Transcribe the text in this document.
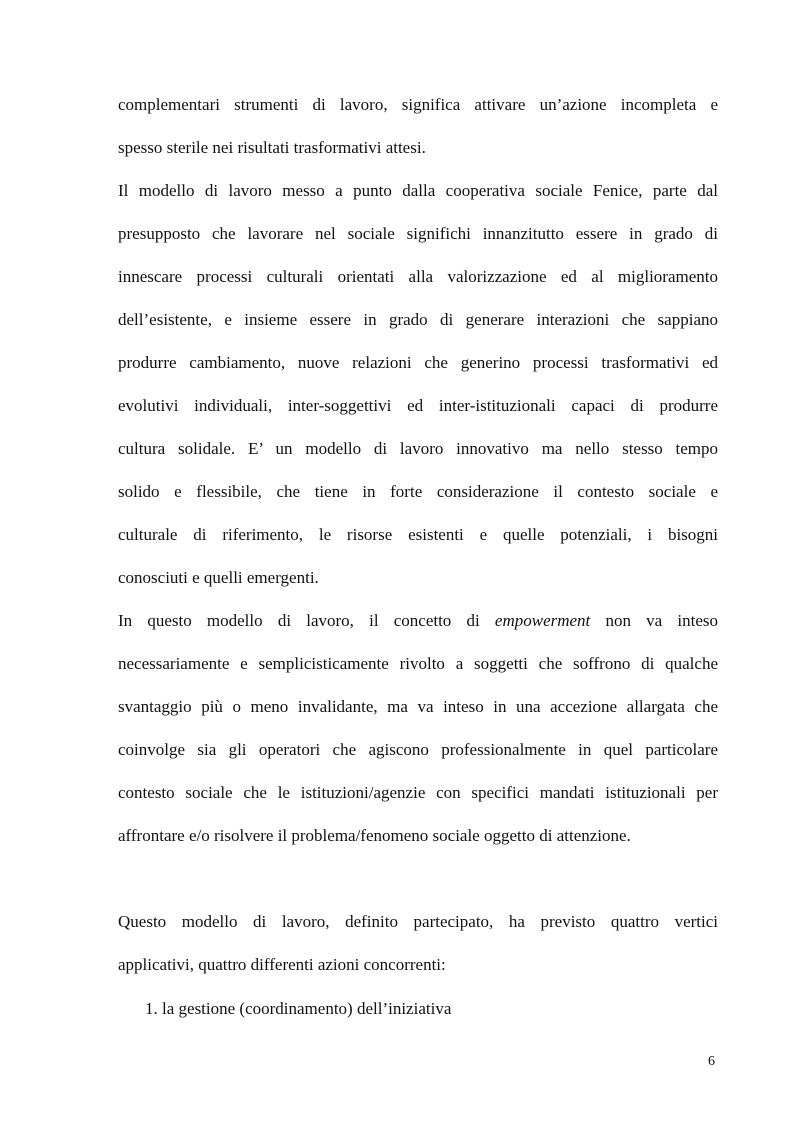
complementari strumenti di lavoro, significa attivare un’azione incompleta e
spesso sterile nei risultati trasformativi attesi.
Il modello di lavoro messo a punto dalla cooperativa sociale Fenice, parte dal
presupposto che lavorare nel sociale significhi innanzitutto essere in grado di
innescare processi culturali orientati alla valorizzazione ed al miglioramento
dell’esistente, e insieme essere in grado di generare interazioni che sappiano
produrre cambiamento, nuove relazioni che generino processi trasformativi ed
evolutivi individuali, inter-soggettivi ed inter-istituzionali capaci di produrre
cultura solidale. E’ un modello di lavoro innovativo ma nello stesso tempo
solido e flessibile, che tiene in forte considerazione il contesto sociale e
culturale di riferimento, le risorse esistenti e quelle potenziali, i bisogni
conosciuti e quelli emergenti.
In questo modello di lavoro, il concetto di empowerment non va inteso
necessariamente e semplicisticamente rivolto a soggetti che soffrono di qualche
svantaggio più o meno invalidante, ma va inteso in una accezione allargata che
coinvolge sia gli operatori che agiscono professionalmente in quel particolare
contesto sociale che le istituzioni/agenzie con specifici mandati istituzionali per
affrontare e/o risolvere il problema/fenomeno sociale oggetto di attenzione.
Questo modello di lavoro, definito partecipato, ha previsto quattro vertici
applicativi, quattro differenti azioni concorrenti:
1. la gestione (coordinamento) dell’iniziativa
6
